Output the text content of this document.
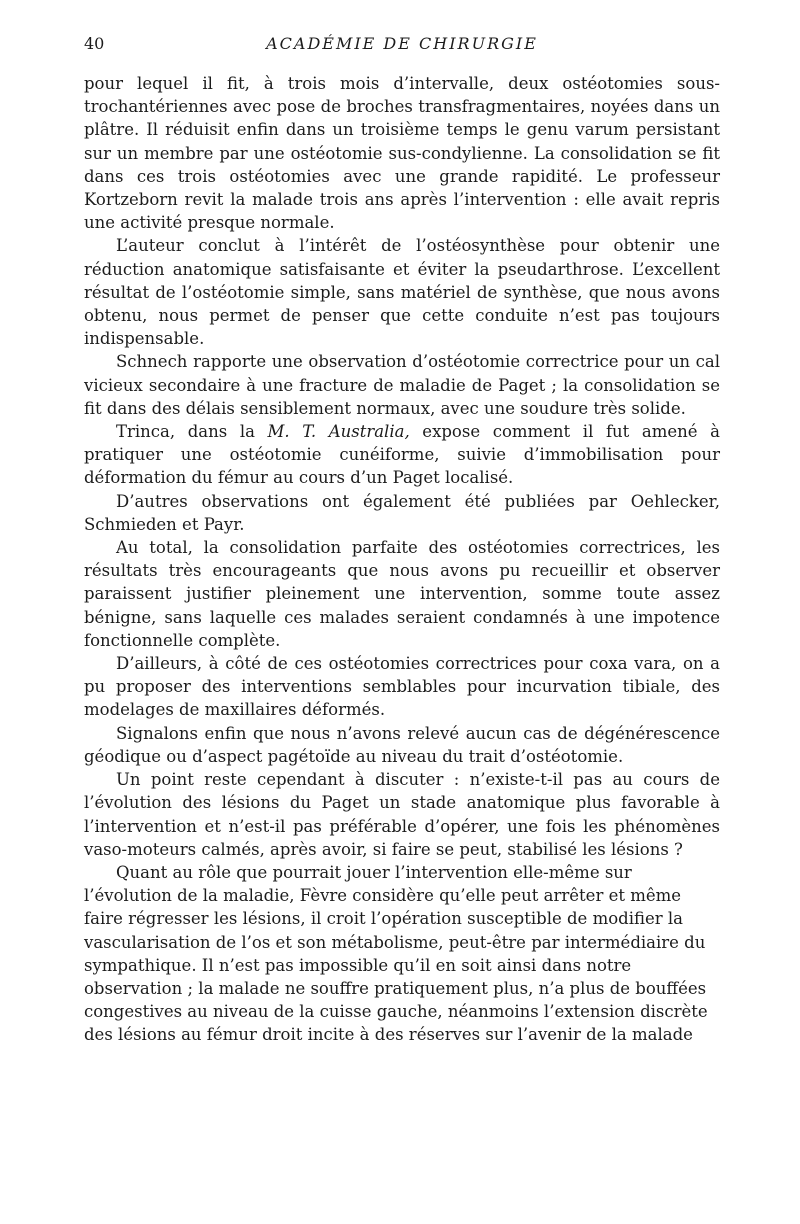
40	ACADÉMIE DE CHIRURGIE

pour lequel il fit, à trois mois d’intervalle, deux ostéotomies sous-trochantériennes avec pose de broches transfragmentaires, noyées dans un plâtre. Il réduisit enfin dans un troisième temps le genu varum persistant sur un membre par une ostéotomie sus-condylienne. La consolidation se fit dans ces trois ostéotomies avec une grande rapidité. Le professeur Kortzeborn revit la malade trois ans après l’intervention : elle avait repris une activité presque normale.

L’auteur conclut à l’intérêt de l’ostéosynthèse pour obtenir une réduction anatomique satisfaisante et éviter la pseudarthrose. L’excellent résultat de l’ostéotomie simple, sans matériel de synthèse, que nous avons obtenu, nous permet de penser que cette conduite n’est pas toujours indispensable.

Schnech rapporte une observation d’ostéotomie correctrice pour un cal vicieux secondaire à une fracture de maladie de Paget ; la consolidation se fit dans des délais sensiblement normaux, avec une soudure très solide.

Trinca, dans la M. T. Australia, expose comment il fut amené à pratiquer une ostéotomie cunéiforme, suivie d’immobilisation pour déformation du fémur au cours d’un Paget localisé.

D’autres observations ont également été publiées par Oehlecker, Schmieden et Payr.

Au total, la consolidation parfaite des ostéotomies correctrices, les résultats très encourageants que nous avons pu recueillir et observer paraissent justifier pleinement une intervention, somme toute assez bénigne, sans laquelle ces malades seraient condamnés à une impotence fonctionnelle complète.

D’ailleurs, à côté de ces ostéotomies correctrices pour coxa vara, on a pu proposer des interventions semblables pour incurvation tibiale, des modelages de maxillaires déformés.

Signalons enfin que nous n’avons relevé aucun cas de dégénérescence géodique ou d’aspect pagétoïde au niveau du trait d’ostéotomie.

Un point reste cependant à discuter : n’existe-t-il pas au cours de l’évolution des lésions du Paget un stade anatomique plus favorable à l’intervention et n’est-il pas préférable d’opérer, une fois les phénomènes vaso-moteurs calmés, après avoir, si faire se peut, stabilisé les lésions ?

Quant au rôle que pourrait jouer l’intervention elle-même sur l’évolution de la maladie, Fèvre considère qu’elle peut arrêter et même faire régresser les lésions, il croit l’opération susceptible de modifier la vascularisation de l’os et son métabolisme, peut-être par intermédiaire du sympathique. Il n’est pas impossible qu’il en soit ainsi dans notre observation ; la malade ne souffre pratiquement plus, n’a plus de bouffées congestives au niveau de la cuisse gauche, néanmoins l’extension discrète des lésions au fémur droit incite à des réserves sur l’avenir de la malade
